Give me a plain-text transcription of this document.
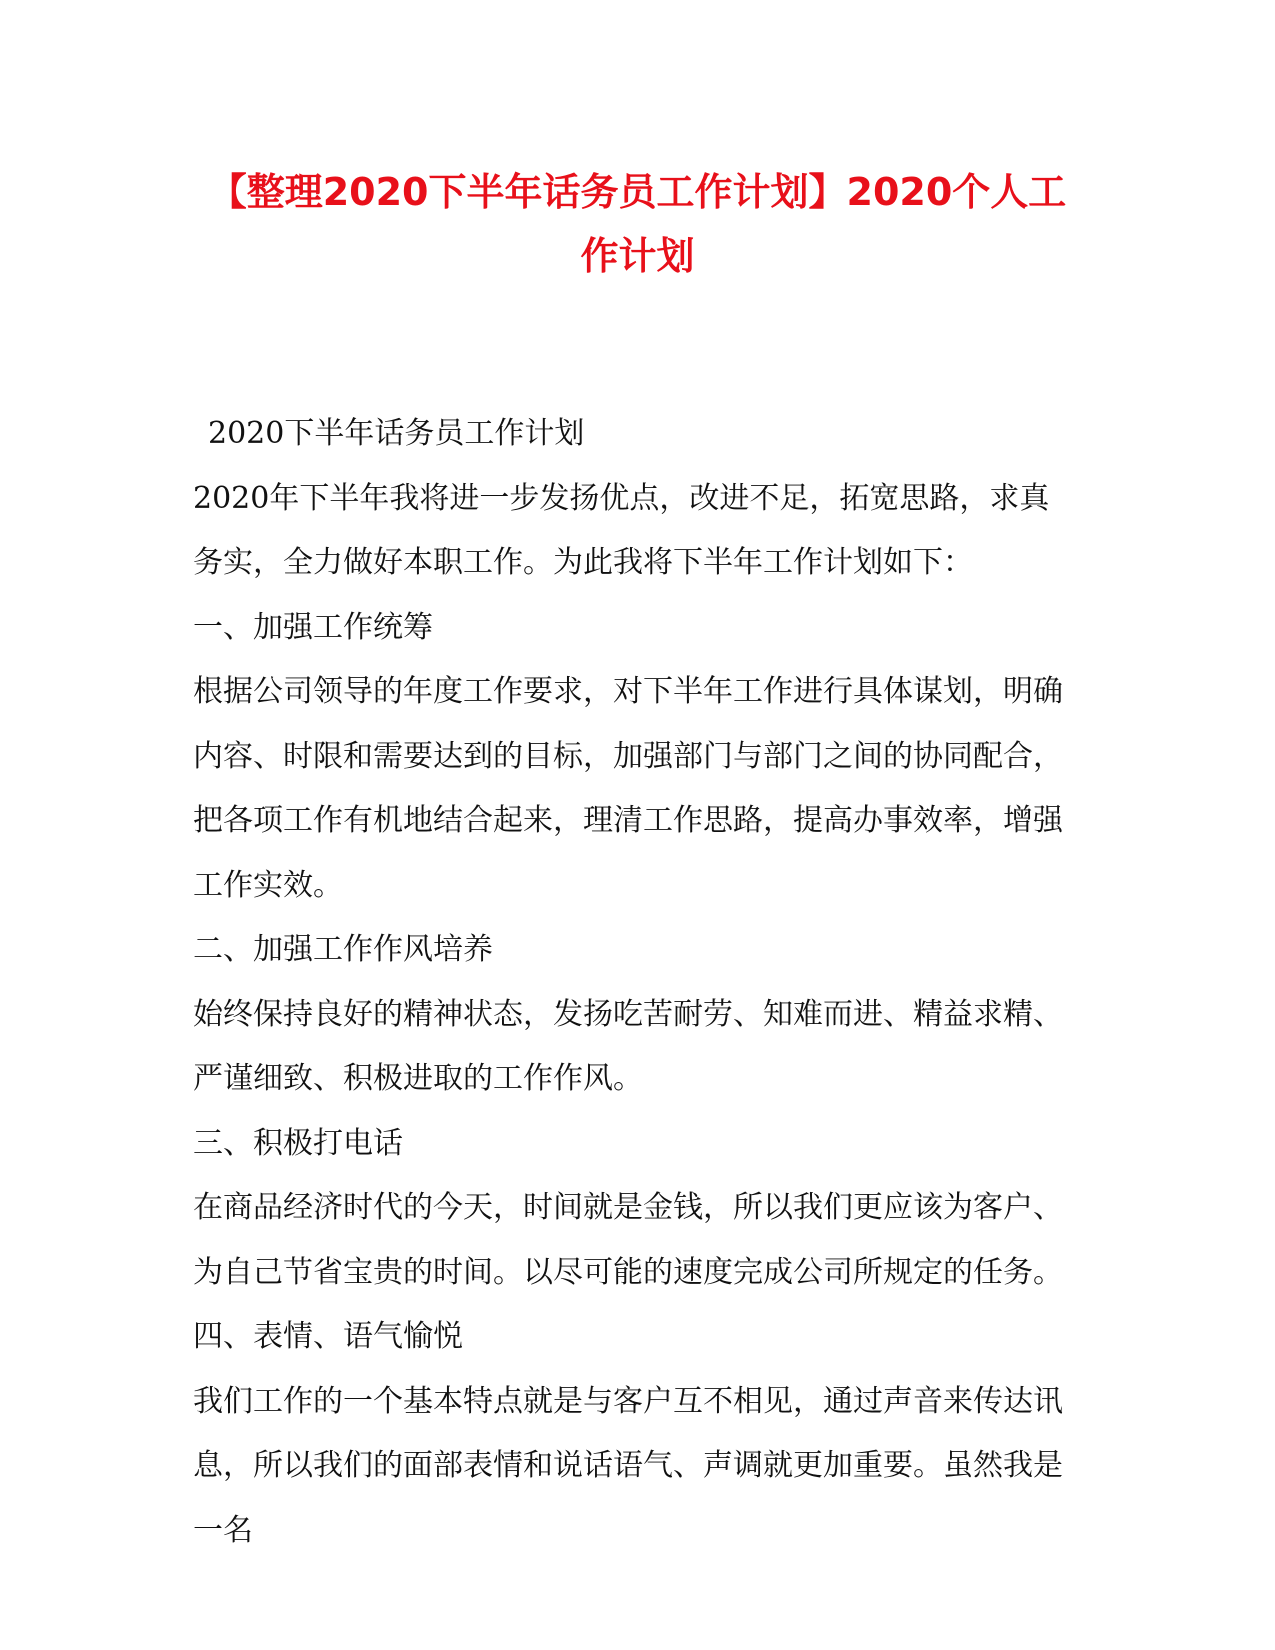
【整理2020下半年话务员工作计划】2020个人工作计划

2020下半年话务员工作计划

2020年下半年我将进一步发扬优点，改进不足，拓宽思路，求真务实，全力做好本职工作。为此我将下半年工作计划如下：

一、加强工作统筹

根据公司领导的年度工作要求，对下半年工作进行具体谋划，明确内容、时限和需要达到的目标，加强部门与部门之间的协同配合，把各项工作有机地结合起来，理清工作思路，提高办事效率，增强工作实效。

二、加强工作作风培养

始终保持良好的精神状态，发扬吃苦耐劳、知难而进、精益求精、严谨细致、积极进取的工作作风。

三、积极打电话

在商品经济时代的今天，时间就是金钱，所以我们更应该为客户、为自己节省宝贵的时间。以尽可能的速度完成公司所规定的任务。

四、表情、语气愉悦

我们工作的一个基本特点就是与客户互不相见，通过声音来传达讯息，所以我们的面部表情和说话语气、声调就更加重要。虽然我是一名
